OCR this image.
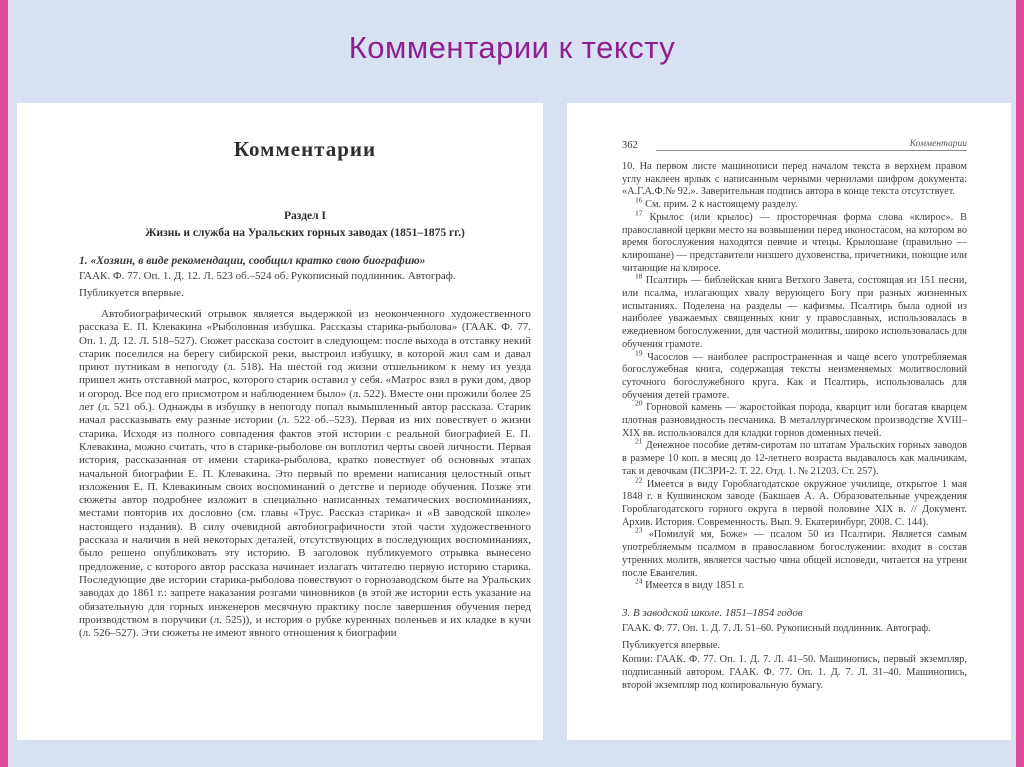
Комментарии к тексту
Комментарии
Раздел I
Жизнь и служба на Уральских горных заводах (1851–1875 гг.)
1. «Хозяин, в виде рекомендации, сообщил кратко свою биографию»
ГААК. Ф. 77. Оп. 1. Д. 12. Л. 523 об.–524 об. Рукописный подлинник. Автограф.
Публикуется впервые.

Автобиографический отрывок является выдержкой из неоконченного художественного рассказа Е. П. Клевакина «Рыболовная избушка. Рассказы старика-рыболова» (ГААК. Ф. 77. Оп. 1. Д. 12. Л. 518–527). Сюжет рассказа состоит в следующем: после выхода в отставку некий старик поселился на берегу сибирской реки, выстроил избушку, в которой жил сам и давал приют путникам в непогоду (л. 518). На шестой год жизни отшельником к нему из уезда пришел жить отставной матрос, которого старик оставил у себя. «Матрос взял в руки дом, двор и огород. Все под его присмотром и наблюдением было» (л. 522). Вместе они прожили более 25 лет (л. 521 об.). Однажды в избушку в непогоду попал вымышленный автор рассказа. Старик начал рассказывать ему разные истории (л. 522 об.–523). Первая из них повествует о жизни старика. Исходя из полного совпадения фактов этой истории с реальной биографией Е. П. Клевакина, можно считать, что в старике-рыболове он воплотил черты своей личности. Первая история, рассказанная от имени старика-рыболова, кратко повествует об основных этапах начальной биографии Е. П. Клевакина. Это первый по времени написания целостный опыт изложения Е. П. Клевакиным своих воспоминаний о детстве и периоде обучения. Позже эти сюжеты автор подробнее изложит в специально написанных тематических воспоминаниях, местами повторив их дословно (см. главы «Трус. Рассказ старика» и «В заводской школе» настоящего издания). В силу очевидной автобиографичности этой части художественного рассказа и наличия в ней некоторых деталей, отсутствующих в последующих воспоминаниях, было решено опубликовать эту историю. В заголовок публикуемого отрывка вынесено предложение, с которого автор рассказа начинает излагать читателю первую историю старика. Последующие две истории старика-рыболова повествуют о горнозаводском быте на Уральских заводах до 1861 г.: запрете наказания розгами чиновников (в этой же истории есть указание на обязательную для горных инженеров месячную практику после завершения обучения перед производством в поручики (л. 525)), и история о рубке куренных поленьев и их кладке в кучи (л. 526–527). Эти сюжеты не имеют явного отношения к биографии

362	Комментарии

10. На первом листе машинописи перед началом текста в верхнем правом углу наклеен ярлык с написанным черными чернилами шифром документа: «А.Г.А.Ф.№ 92.». Заверительная подпись автора в конце текста отсутствует.

$^{16}$ См. прим. 2 к настоящему разделу.

$^{17}$ Крылос (или крылос) — просторечная форма слова «клирос». В православной церкви место на возвышении перед иконостасом, на котором во время богослужения находятся певчие и чтецы. Крылошане (правильно — клирошане) — представители низшего духовенства, причетники, поющие или читающие на клиросе.

$^{18}$ Псалтирь — библейская книга Ветхого Завета, состоящая из 151 песни, или псалма, излагающих хвалу верующего Богу при разных жизненных испытаниях. Поделена на разделы — кафизмы. Псалтирь была одной из наиболее уважаемых священных книг у православных, использовалась в ежедневном богослужении, для частной молитвы, широко использовалась для обучения грамоте.

$^{19}$ Часослов — наиболее распространенная и чаще всего употребляемая богослужебная книга, содержащая тексты неизменяемых молитвословий суточного богослужебного круга. Как и Псалтирь, использовалась для обучения детей грамоте.

$^{20}$ Горновой камень — жаростойкая порода, кварцит или богатая кварцем плотная разновидность песчаника. В металлургическом производстве XVIII–XIX вв. использовался для кладки горнов доменных печей.

$^{21}$ Денежное пособие детям-сиротам по штатам Уральских горных заводов в размере 10 коп. в месяц до 12-летнего возраста выдавалось как мальчикам, так и девочкам (ПСЗРИ-2. Т. 22. Отд. 1. № 21203. Ст. 257).

$^{22}$ Имеется в виду Гороблагодатское окружное училище, открытое 1 мая 1848 г. в Кушвинском заводе (Бакшаев А. А. Образовательные учреждения Гороблагодатского горного округа в первой половине XIX в. // Документ. Архив. История. Современность. Вып. 9. Екатеринбург, 2008. С. 144).

$^{23}$ «Помилуй мя, Боже» — псалом 50 из Псалтири. Является самым употребляемым псалмом в православном богослужении: входит в состав утренних молитв, является частью чина общей исповеди, читается на утрени после Евангелия.

$^{24}$ Имеется в виду 1851 г.

3. В заводской школе. 1851–1854 годов
ГААК. Ф. 77. Оп. 1. Д. 7. Л. 51–60. Рукописный подлинник. Автограф.
Публикуется впервые.

Копии: ГААК. Ф. 77. Оп. 1. Д. 7. Л. 41–50. Машинопись, первый экземпляр, подписанный автором. ГААК. Ф. 77. Оп. 1. Д. 7. Л. 31–40. Машинопись, второй экземпляр под копировальную бумагу.
